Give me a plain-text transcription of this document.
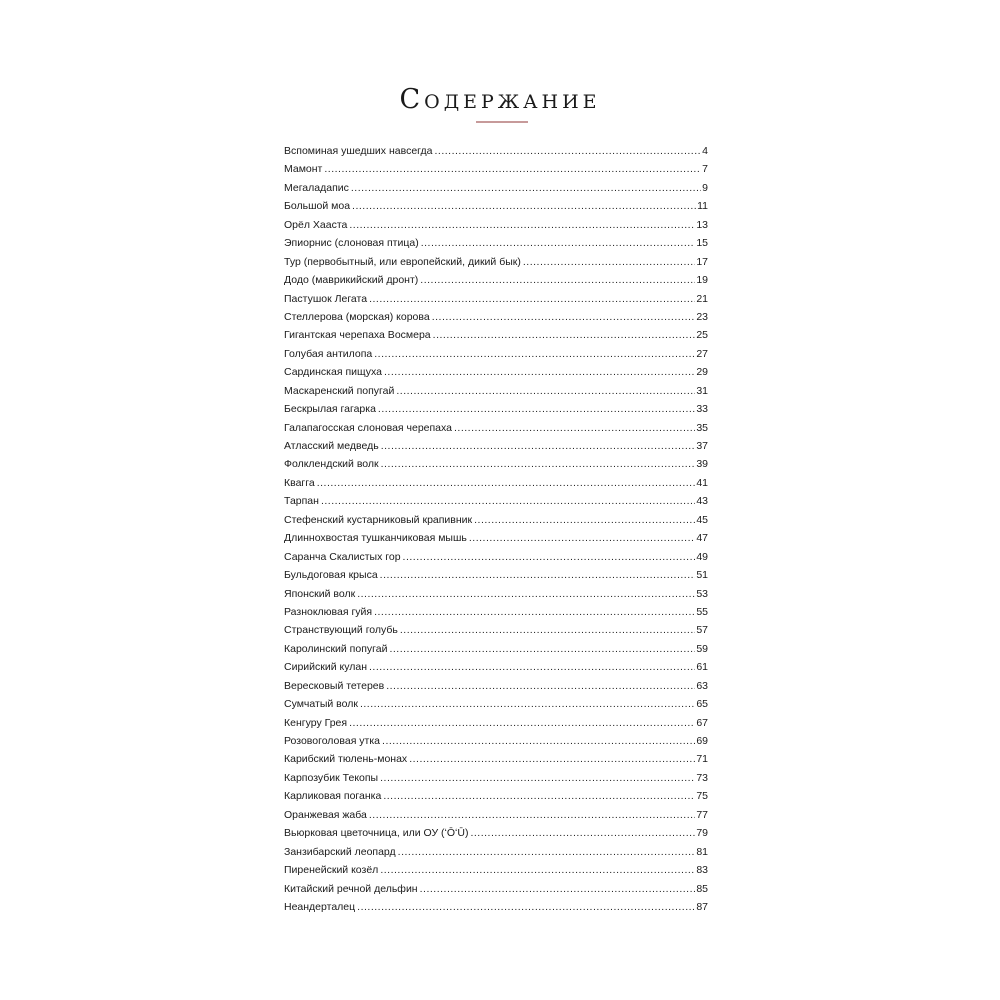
Содержание
Вспоминая ушедших навсегда .....	4
Мамонт .....	7
Мегаладапис .....	9
Большой моа .....	11
Орёл Хааста .....	13
Эпиорнис (слоновая птица) .....	15
Тур (первобытный, или европейский, дикий бык) .....	17
Додо (маврикийский дронт) .....	19
Пастушок Легата .....	21
Стеллерова (морская) корова .....	23
Гигантская черепаха Восмера .....	25
Голубая антилопа .....	27
Сардинская пищуха .....	29
Маскаренский попугай .....	31
Бескрылая гагарка .....	33
Галапагосская слоновая черепаха .....	35
Атласский медведь .....	37
Фолклендский волк .....	39
Квагга .....	41
Тарпан .....	43
Стефенский кустарниковый крапивник .....	45
Длиннохвостая тушканчиковая мышь .....	47
Саранча Скалистых гор .....	49
Бульдоговая крыса .....	51
Японский волк .....	53
Разноклювая гуйя .....	55
Странствующий голубь .....	57
Каролинский попугай .....	59
Сирийский кулан .....	61
Вересковый тетерев .....	63
Сумчатый волк .....	65
Кенгуру Грея .....	67
Розовоголовая утка .....	69
Карибский тюлень-монах .....	71
Карпозубик Текопы .....	73
Карликовая поганка .....	75
Оранжевая жаба .....	77
Вьюрковая цветочница, или ОУ (ʻŌʻŪ) .....	79
Занзибарский леопард .....	81
Пиренейский козёл .....	83
Китайский речной дельфин .....	85
Неандерталец .....	87
